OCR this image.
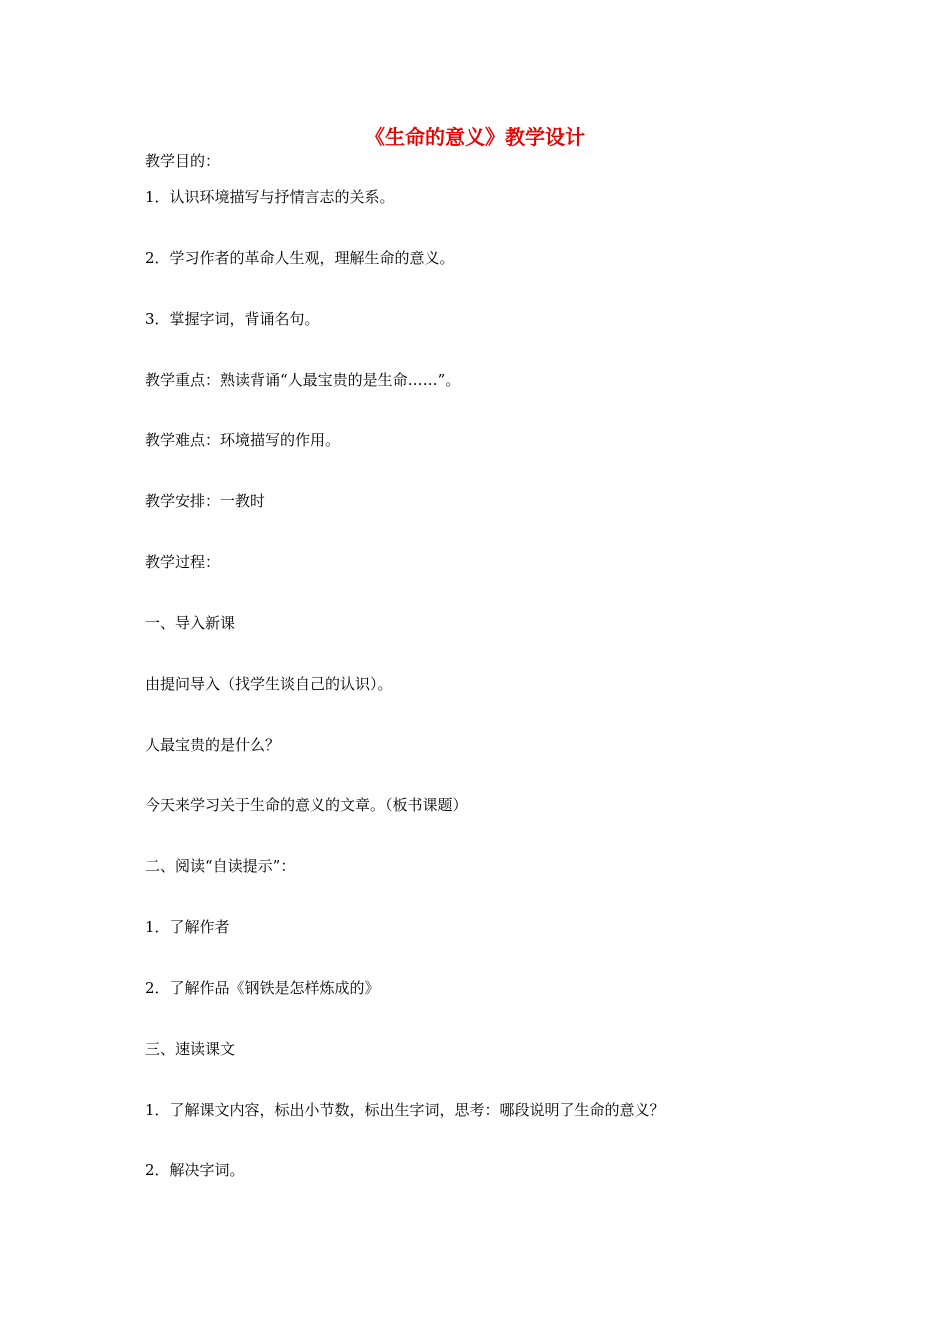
《生命的意义》教学设计

教学目的：

1．认识环境描写与抒情言志的关系。

2．学习作者的革命人生观，理解生命的意义。

3．掌握字词，背诵名句。

教学重点：熟读背诵“人最宝贵的是生命……”。

教学难点：环境描写的作用。

教学安排：一教时

教学过程：

一、导入新课

由提问导入（找学生谈自己的认识）。

人最宝贵的是什么？

今天来学习关于生命的意义的文章。（板书课题）

二、阅读“自读提示”：

1．了解作者

2．了解作品《钢铁是怎样炼成的》

三、速读课文

1．了解课文内容，标出小节数，标出生字词，思考：哪段说明了生命的意义？

2．解决字词。
